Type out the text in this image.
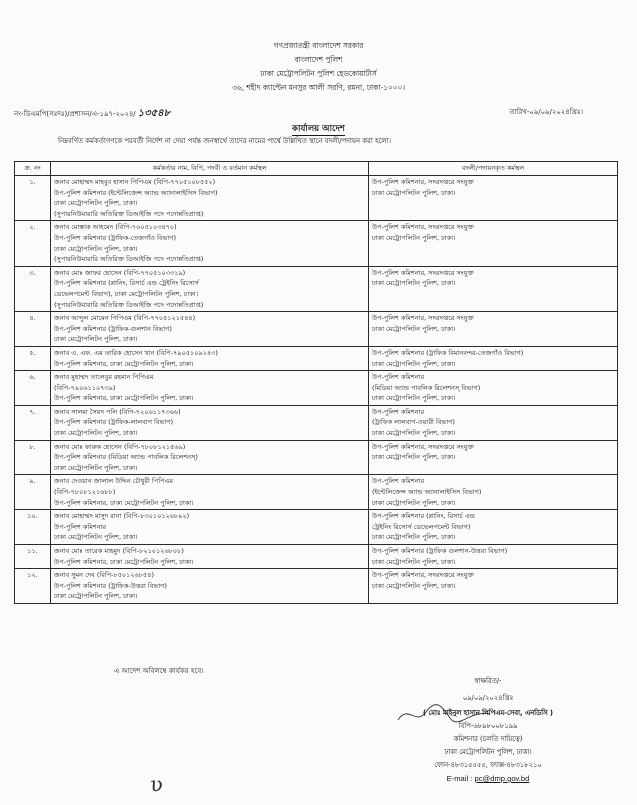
গণপ্রজাতন্ত্রী বাংলাদেশ সরকার
বাংলাদেশ পুলিশ
ঢাকা মেট্রোপলিটন পুলিশ হেডকোয়ার্টার্স
৩৬, শহীদ ক্যাপ্টেন মনসুর আলী সরণি, রমনা, ঢাকা-১০০০।
নং-ডিএমপি(সঃদঃ)/প্রশাসন/এ-১৯৭-২০২৪/ ১৩৫৪৮	তারিখ-০৯/০৯/২০২৪খ্রিঃ।
কার্যালয় আদেশ
নিম্নবর্ণিত কর্মকর্তাগণকে পরবর্তী নির্দেশ না দেয়া পর্যন্ত জনস্বার্থে তাদের নামের পার্শ্বে উল্লিখিত স্থানে বদলী/পদায়ন করা হলো।
ক্র. নং	কর্মকর্তার নাম, বিপি, পদবী ও বর্তমান কর্মস্থল	বদলী/পদায়নকৃত কর্মস্থল
১.	জনাব মোহাম্মদ মাহবুব হাসান পিপিএম (বিপি-৭৭০৫১০৮৫৫২)
উপ-পুলিশ কমিশনার (ইন্টেলিজেন্স অ্যান্ড অ্যানালাইসিস বিভাগ)
ঢাকা মেট্রোপলিটন পুলিশ, ঢাকা।
(সুপারনিউমারারি অতিরিক্ত ডিআইজি পদে পদোন্নতিপ্রাপ্ত)	উপ-পুলিশ কমিশনার, সদরদপ্তরে সংযুক্ত
ঢাকা মেট্রোপলিটন পুলিশ, ঢাকা।

২.	জনাব মোস্তাক আহমেদ (বিপি-৭৬০৫১০৩৪৭০)
উপ-পুলিশ কমিশনার (ট্রাফিক-তেজগাঁও বিভাগ)
ঢাকা মেট্রোপলিটন পুলিশ, ঢাকা।
(সুপারনিউমারারি অতিরিক্ত ডিআইজি পদে পদোন্নতিপ্রাপ্ত)	উপ-পুলিশ কমিশনার, সদরদপ্তরে সংযুক্ত
ঢাকা মেট্রোপলিটন পুলিশ, ঢাকা।

৩.	জনাব মোঃ জাফর হোসেন (বিপি-৭৭০৫১০৩৩১৯)
উপ-পুলিশ কমিশনার (প্লানিং, রিসার্চ এন্ড ট্রেইনিং রিসোর্স
ডেভেলপমেন্ট বিভাগ), ঢাকা মেট্রোপলিটন পুলিশ, ঢাকা।
(সুপারনিউমারারি অতিরিক্ত ডিআইজি পদে পদোন্নতিপ্রাপ্ত)	উপ-পুলিশ কমিশনার, সদরদপ্তরে সংযুক্ত
ঢাকা মেট্রোপলিটন পুলিশ, ঢাকা।

৪.	জনাব আব্দুল মোমেন পিপিএম (বিপি-৭৭০৫১২১৫৪৪)
উপ-পুলিশ কমিশনার (ট্রাফিক-গুলশান বিভাগ)
ঢাকা মেট্রোপলিটন পুলিশ, ঢাকা।	উপ-পুলিশ কমিশনার, সদরদপ্তরে সংযুক্ত
ঢাকা মেট্রোপলিটন পুলিশ, ঢাকা।

৫.	জনাব এ. এফ. এম তারিক হোসেন খান (বিপি-৭৯০৫১০৯২৪৩)
উপ-পুলিশ কমিশনার, ঢাকা মেট্রোপলিটন পুলিশ, ঢাকা।	উপ-পুলিশ কমিশনার (ট্রাফিক বিমানবন্দর-তেজগাঁও বিভাগ)
ঢাকা মেট্রোপলিটন পুলিশ, ঢাকা।

৬.	জনাব মুহাম্মদ তালেবুর রহমান পিপিএম
(বিপি-৭৯০৬১১০৭৩৯)
উপ-পুলিশ কমিশনার, ঢাকা মেট্রোপলিটন পুলিশ, ঢাকা।	উপ-পুলিশ কমিশনার
(মিডিয়া অ্যান্ড পাবলিক রিলেশনস্‌ বিভাগ)
ঢাকা মেট্রোপলিটন পুলিশ, ঢাকা।

৭.	জনাব সালমা সৈয়দ পলি (বিপি-৭২০৬১১৭৩৬৬)
উপ-পুলিশ কমিশনার (ট্রাফিক-লালবাগ বিভাগ)
ঢাকা মেট্রোপলিটন পুলিশ, ঢাকা।	উপ-পুলিশ কমিশনার
(ট্রাফিক লালবাগ-ওয়ারী বিভাগ)
ঢাকা মেট্রোপলিটন পুলিশ, ঢাকা।

৮.	জনাব মোঃ ফারুক হোসেন (বিপি-৭৮০৮১২১৫৬৯)
উপ-পুলিশ কমিশনার (মিডিয়া অ্যান্ড পাবলিক রিলেশনস্‌)
ঢাকা মেট্রোপলিটন পুলিশ, ঢাকা।	উপ-পুলিশ কমিশনার, সদরদপ্তরে সংযুক্ত
ঢাকা মেট্রোপলিটন পুলিশ, ঢাকা।

৯.	জনাব দেওয়ান জালাল উদ্দিন চৌধুরী পিপিএম
(বিপি-৭৮০৮১২১৬৮৮)
উপ-পুলিশ কমিশনার, ঢাকা মেট্রোপলিটন পুলিশ, ঢাকা।	উপ-পুলিশ কমিশনার
(ইন্টেলিজেন্স অ্যান্ড অ্যানালাইসিস বিভাগ)
ঢাকা মেট্রোপলিটন পুলিশ, ঢাকা।

১০.	জনাব মোহাম্মদ মাসুদ রানা (বিপি-৮৩০১০১২৬৮৯২)
উপ-পুলিশ কমিশনার
ঢাকা মেট্রোপলিটন পুলিশ, ঢাকা।	উপ-পুলিশ কমিশনার (প্লানিং, রিসার্চ এন্ড
ট্রেইনিং রিসোর্স ডেভেলপমেন্ট বিভাগ)
ঢাকা মেট্রোপলিটন পুলিশ, ঢাকা।

১১.	জনাব মোঃ তারেক মাহমুদ (বিপি-৮২১০১২৬৮০৮)
উপ-পুলিশ কমিশনার, ঢাকা মেট্রোপলিটন পুলিশ, ঢাকা।	উপ-পুলিশ কমিশনার (ট্রাফিক গুলশান-উত্তরা বিভাগ)
ঢাকা মেট্রোপলিটন পুলিশ, ঢাকা।

১২.	জনাব সুমন দেব (বিপি-৮৫০১২৬৮৫৪)
উপ-পুলিশ কমিশনার (ট্রাফিক-উত্তরা বিভাগ)
ঢাকা মেট্রোপলিটন পুলিশ, ঢাকা।	উপ-পুলিশ কমিশনার, সদরদপ্তরে সংযুক্ত
ঢাকা মেট্রোপলিটন পুলিশ, ঢাকা।
এ আদেশ অবিলম্বে কার্যকর হবে।
স্বাক্ষরিত/-
০৯/০৯/২০২৪খ্রিঃ
( মোঃ মাইনুল হাসান পিপিএম-সেবা, এনডিসি )
বিপি-৬৮৯৮০০৮১৯৯
কমিশনার (চলতি দায়িত্বে)
ঢাকা মেট্রোপলিটন পুলিশ, ঢাকা।
ফোন-৪৮৩১৫৫৫৫, ফ্যাক্স-৪৮৩১৮২১০
E-mail : pc@dmp.gov.bd
ʋ
